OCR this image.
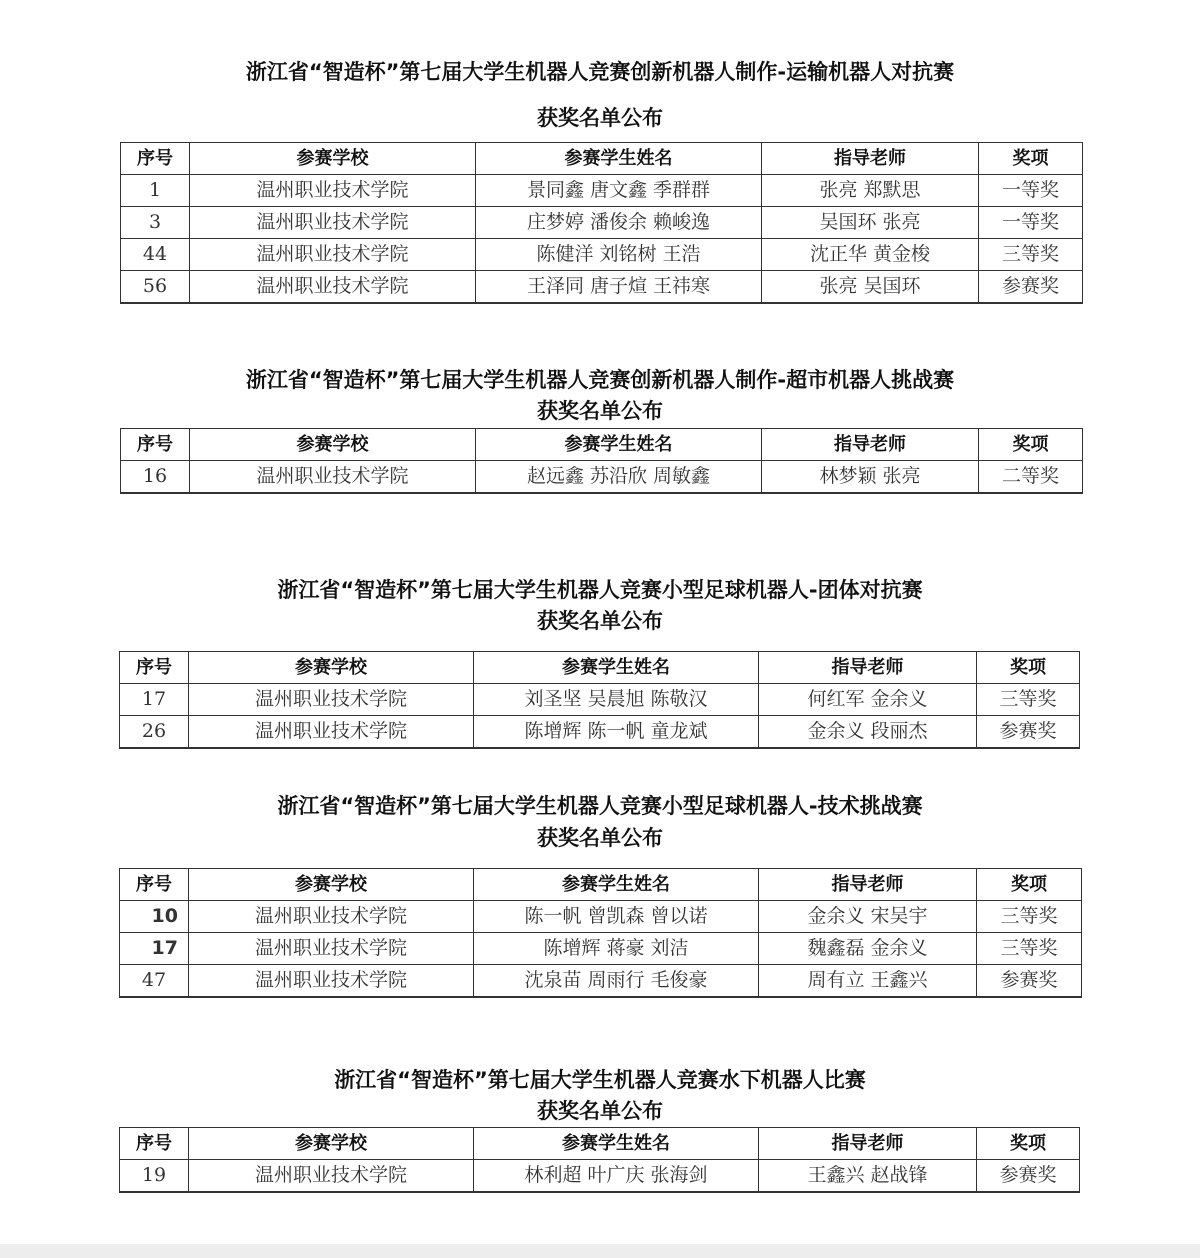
浙江省“智造杯”第七届大学生机器人竞赛创新机器人制作-运输机器人对抗赛
获奖名单公布
序号	参赛学校	参赛学生姓名	指导老师	奖项
1	温州职业技术学院	景同鑫 唐文鑫 季群群	张亮 郑默思	一等奖
3	温州职业技术学院	庄梦婷 潘俊余 赖峻逸	吴国环 张亮	一等奖
44	温州职业技术学院	陈健洋 刘铭树 王浩	沈正华 黄金梭	三等奖
56	温州职业技术学院	王泽同 唐子煊 王祎寒	张亮 吴国环	参赛奖
浙江省“智造杯”第七届大学生机器人竞赛创新机器人制作-超市机器人挑战赛
获奖名单公布
序号	参赛学校	参赛学生姓名	指导老师	奖项
16	温州职业技术学院	赵远鑫 苏沿欣 周敏鑫	林梦颖 张亮	二等奖
浙江省“智造杯”第七届大学生机器人竞赛小型足球机器人-团体对抗赛
获奖名单公布
序号	参赛学校	参赛学生姓名	指导老师	奖项
17	温州职业技术学院	刘圣坚 吴晨旭 陈敬汉	何红军 金余义	三等奖
26	温州职业技术学院	陈增辉 陈一帆 童龙斌	金余义 段丽杰	参赛奖
浙江省“智造杯”第七届大学生机器人竞赛小型足球机器人-技术挑战赛
获奖名单公布
序号	参赛学校	参赛学生姓名	指导老师	奖项
10	温州职业技术学院	陈一帆 曾凯森 曾以诺	金余义 宋吴宇	三等奖
17	温州职业技术学院	陈增辉 蒋豪 刘洁	魏鑫磊 金余义	三等奖
47	温州职业技术学院	沈泉苗 周雨行 毛俊豪	周有立 王鑫兴	参赛奖
浙江省“智造杯”第七届大学生机器人竞赛水下机器人比赛
获奖名单公布
序号	参赛学校	参赛学生姓名	指导老师	奖项
19	温州职业技术学院	林利超 叶广庆 张海剑	王鑫兴 赵战锋	参赛奖
